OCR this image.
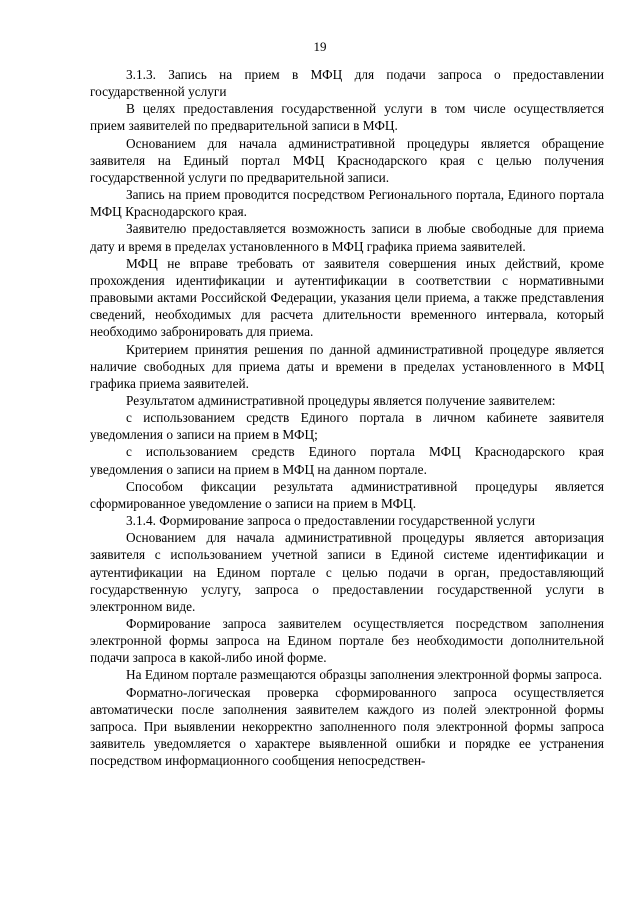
19

3.1.3. Запись на прием в МФЦ для подачи запроса о предоставлении государственной услуги

В целях предоставления государственной услуги в том числе осуществляется прием заявителей по предварительной записи в МФЦ.

Основанием для начала административной процедуры является обращение заявителя на Единый портал МФЦ Краснодарского края с целью получения государственной услуги по предварительной записи.

Запись на прием проводится посредством Регионального портала, Единого портала МФЦ Краснодарского края.

Заявителю предоставляется возможность записи в любые свободные для приема дату и время в пределах установленного в МФЦ графика приема заявителей.

МФЦ не вправе требовать от заявителя совершения иных действий, кроме прохождения идентификации и аутентификации в соответствии с нормативными правовыми актами Российской Федерации, указания цели приема, а также представления сведений, необходимых для расчета длительности временного интервала, который необходимо забронировать для приема.

Критерием принятия решения по данной административной процедуре является наличие свободных для приема даты и времени в пределах установленного в МФЦ графика приема заявителей.

Результатом административной процедуры является получение заявителем:

с использованием средств Единого портала в личном кабинете заявителя уведомления о записи на прием в МФЦ;

с использованием средств Единого портала МФЦ Краснодарского края уведомления о записи на прием в МФЦ на данном портале.

Способом фиксации результата административной процедуры является сформированное уведомление о записи на прием в МФЦ.

3.1.4. Формирование запроса о предоставлении государственной услуги

Основанием для начала административной процедуры является авторизация заявителя с использованием учетной записи в Единой системе идентификации и аутентификации на Едином портале с целью подачи в орган, предоставляющий государственную услугу, запроса о предоставлении государственной услуги в электронном виде.

Формирование запроса заявителем осуществляется посредством заполнения электронной формы запроса на Едином портале без необходимости дополнительной подачи запроса в какой-либо иной форме.

На Едином портале размещаются образцы заполнения электронной формы запроса.

Форматно-логическая проверка сформированного запроса осуществляется автоматически после заполнения заявителем каждого из полей электронной формы запроса. При выявлении некорректно заполненного поля электронной формы запроса заявитель уведомляется о характере выявленной ошибки и порядке ее устранения посредством информационного сообщения непосредствен-
